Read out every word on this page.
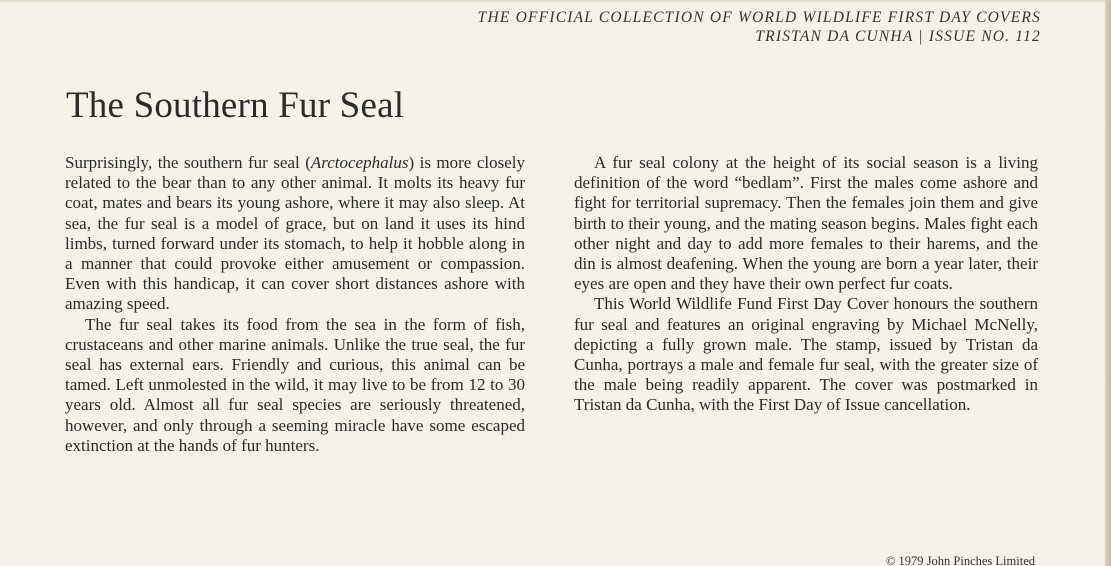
THE OFFICIAL COLLECTION OF WORLD WILDLIFE FIRST DAY COVERS
TRISTAN DA CUNHA | ISSUE NO. 112
The Southern Fur Seal

Surprisingly, the southern fur seal (Arctocephalus) is more closely related to the bear than to any other animal. It molts its heavy fur coat, mates and bears its young ashore, where it may also sleep. At sea, the fur seal is a model of grace, but on land it uses its hind limbs, turned forward under its stomach, to help it hobble along in a manner that could provoke either amusement or compassion. Even with this handicap, it can cover short distances ashore with amazing speed.

The fur seal takes its food from the sea in the form of fish, crustaceans and other marine animals. Unlike the true seal, the fur seal has external ears. Friendly and curious, this animal can be tamed. Left unmolested in the wild, it may live to be from 12 to 30 years old. Almost all fur seal species are seriously threatened, however, and only through a seeming miracle have some escaped extinction at the hands of fur hunters.

A fur seal colony at the height of its social season is a living definition of the word “bedlam”. First the males come ashore and fight for territorial supremacy. Then the females join them and give birth to their young, and the mating season begins. Males fight each other night and day to add more females to their harems, and the din is almost deafening. When the young are born a year later, their eyes are open and they have their own perfect fur coats.

This World Wildlife Fund First Day Cover honours the southern fur seal and features an original engraving by Michael McNelly, depicting a fully grown male. The stamp, issued by Tristan da Cunha, portrays a male and female fur seal, with the greater size of the male being readily apparent. The cover was postmarked in Tristan da Cunha, with the First Day of Issue cancellation.

© 1979 John Pinches Limited
